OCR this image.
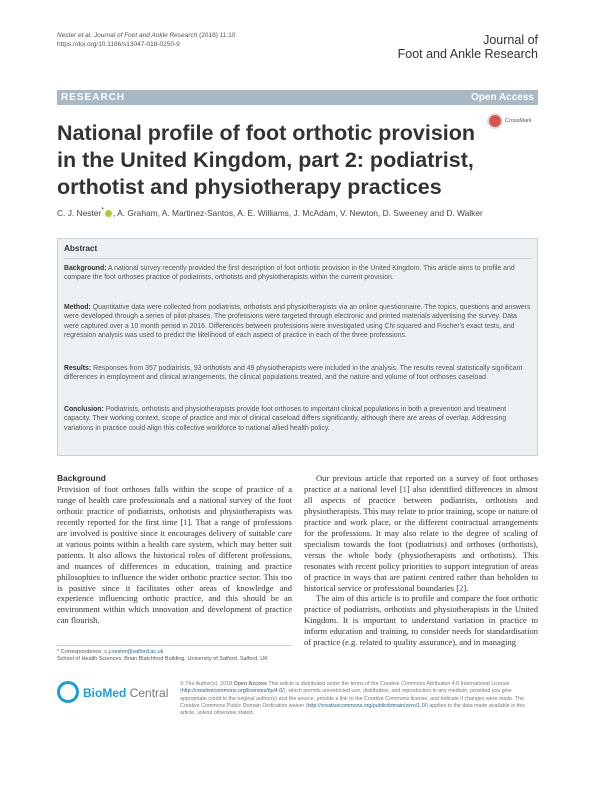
Nester et al. Journal of Foot and Ankle Research (2018) 11:10
https://doi.org/10.1186/s13047-018-0250-9	Journal of
Foot and Ankle Research
RESEARCH	Open Access
National profile of foot orthotic provision in the United Kingdom, part 2: podiatrist, orthotist and physiotherapy practices
CrossMark
C. J. Nester* , A. Graham, A. Martinez-Santos, A. E. Williams, J. McAdam, V. Newton, D. Sweeney and D. Walker
Abstract

Background: A national survey recently provided the first description of foot orthotic provision in the United Kingdom. This article aims to profile and compare the foot orthoses practice of podiatrists, orthotists and physiotherapists within the current provision.

Method: Quantitative data were collected from podiatrists, orthotists and physiotherapists via an online questionnaire. The topics, questions and answers were developed through a series of pilot phases. The professions were targeted through electronic and printed materials advertising the survey. Data were captured over a 10 month period in 2016. Differences between professions were investigated using Chi squared and Fischer's exact tests, and regression analysis was used to predict the likelihood of each aspect of practice in each of the three professions.

Results: Responses from 357 podiatrists, 93 orthotists and 49 physiotherapists were included in the analysis. The results reveal statistically significant differences in employment and clinical arrangements, the clinical populations treated, and the nature and volume of foot orthoses caseload.

Conclusion: Podiatrists, orthotists and physiotherapists provide foot orthoses to important clinical populations in both a prevention and treatment capacity. Their working context, scope of practice and mix of clinical caseload differs significantly, although there are areas of overlap. Addressing variations in practice could align this collective workforce to national allied health policy.

Background

Provision of foot orthoses falls within the scope of practice of a range of health care professionals and a national survey of the foot orthotic practice of podiatrists, orthotists and physiotherapists was recently reported for the first time [1]. That a range of professions are involved is positive since it encourages delivery of suitable care at various points within a health care system, which may better suit patients. It also allows the historical roles of different professions, and nuances of differences in education, training and practice philosophies to influence the wider orthotic practice sector. This too is positive since it facilitates other areas of knowledge and experience influencing orthotic practice, and this should be an environment within which innovation and development of practice can flourish.

Our previous article that reported on a survey of foot orthoses practice at a national level [1] also identified differences in almost all aspects of practice between podiatrists, orthotists and physiotherapists. This may relate to prior training, scope or nature of practice and work place, or the different contractual arrangements for the professions. It may also relate to the degree of scaling of specialism towards the foot (podiatrists) and orthoses (orthotists), versus the whole body (physiotherapists and orthotists). This resonates with recent policy priorities to support integration of areas of practice in ways that are patient centred rather than beholden to historical service or professional boundaries [2].

The aim of this article is to profile and compare the foot orthotic practice of podiatrists, orthotists and physiotherapists in the United Kingdom. It is important to understand variation in practice to inform education and training, to consider needs for standardisation of practice (e.g. related to quality assurance), and in managing

* Correspondence: c.j.nester@salford.ac.uk
School of Health Sciences, Brian Blatchford Building, University of Salford, Salford, UK
BioMed Central
© The Author(s). 2018 Open Access This article is distributed under the terms of the Creative Commons Attribution 4.0 International License (http://creativecommons.org/licenses/by/4.0/), which permits unrestricted use, distribution, and reproduction in any medium, provided you give appropriate credit to the original author(s) and the source, provide a link to the Creative Commons license, and indicate if changes were made. The Creative Commons Public Domain Dedication waiver (http://creativecommons.org/publicdomain/zero/1.0/) applies to the data made available in this article, unless otherwise stated.
